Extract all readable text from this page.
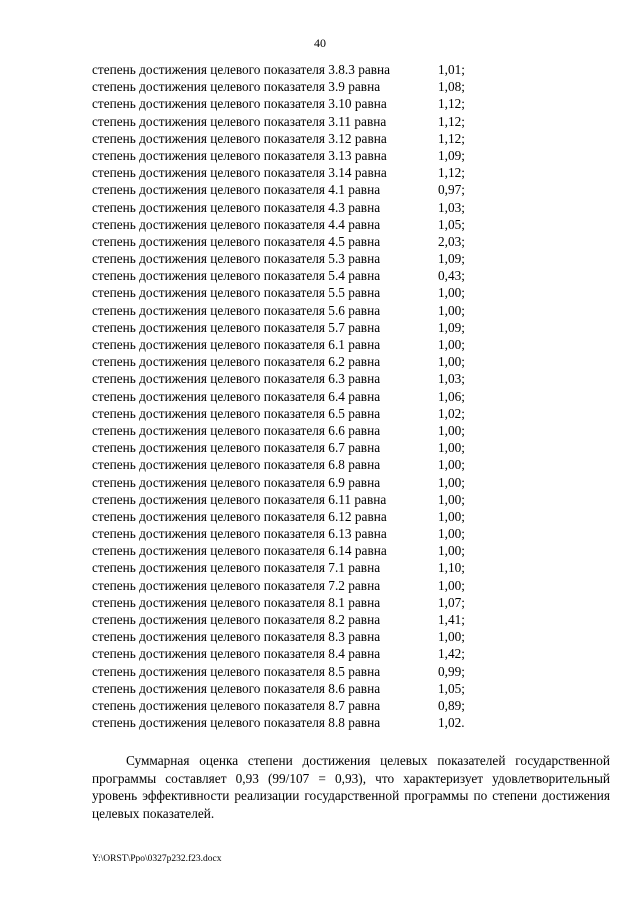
40
степень достижения целевого показателя 3.8.3 равна	1,01;
степень достижения целевого показателя 3.9 равна	1,08;
степень достижения целевого показателя 3.10 равна	1,12;
степень достижения целевого показателя 3.11 равна	1,12;
степень достижения целевого показателя 3.12 равна	1,12;
степень достижения целевого показателя 3.13 равна	1,09;
степень достижения целевого показателя 3.14 равна	1,12;
степень достижения целевого показателя 4.1 равна	0,97;
степень достижения целевого показателя 4.3 равна	1,03;
степень достижения целевого показателя 4.4 равна	1,05;
степень достижения целевого показателя 4.5 равна	2,03;
степень достижения целевого показателя 5.3 равна	1,09;
степень достижения целевого показателя 5.4 равна	0,43;
степень достижения целевого показателя 5.5 равна	1,00;
степень достижения целевого показателя 5.6 равна	1,00;
степень достижения целевого показателя 5.7 равна	1,09;
степень достижения целевого показателя 6.1 равна	1,00;
степень достижения целевого показателя 6.2 равна	1,00;
степень достижения целевого показателя 6.3 равна	1,03;
степень достижения целевого показателя 6.4 равна	1,06;
степень достижения целевого показателя 6.5 равна	1,02;
степень достижения целевого показателя 6.6 равна	1,00;
степень достижения целевого показателя 6.7 равна	1,00;
степень достижения целевого показателя 6.8 равна	1,00;
степень достижения целевого показателя 6.9 равна	1,00;
степень достижения целевого показателя 6.11 равна	1,00;
степень достижения целевого показателя 6.12 равна	1,00;
степень достижения целевого показателя 6.13 равна	1,00;
степень достижения целевого показателя 6.14 равна	1,00;
степень достижения целевого показателя 7.1 равна	1,10;
степень достижения целевого показателя 7.2 равна	1,00;
степень достижения целевого показателя 8.1 равна	1,07;
степень достижения целевого показателя 8.2 равна	1,41;
степень достижения целевого показателя 8.3 равна	1,00;
степень достижения целевого показателя 8.4 равна	1,42;
степень достижения целевого показателя 8.5 равна	0,99;
степень достижения целевого показателя 8.6 равна	1,05;
степень достижения целевого показателя 8.7 равна	0,89;
степень достижения целевого показателя 8.8 равна	1,02.

Суммарная оценка степени достижения целевых показателей государственной программы составляет 0,93 (99/107 = 0,93), что характеризует удовлетворительный уровень эффективности реализации государственной программы по степени достижения целевых показателей.

Y:\ORST\Ppo\0327p232.f23.docx
